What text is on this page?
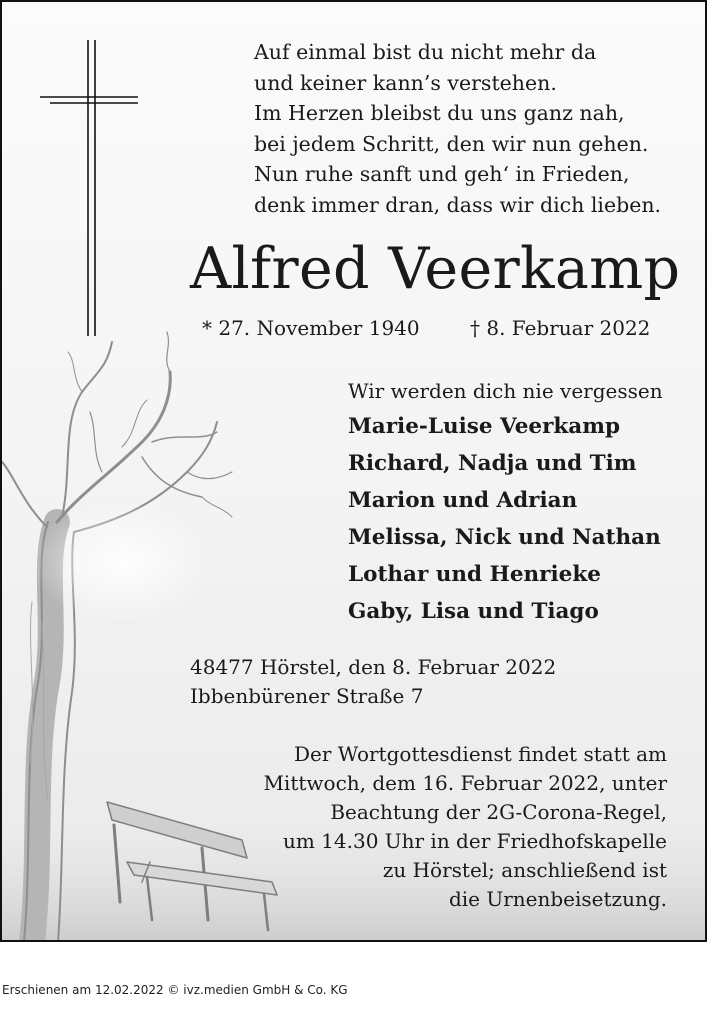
Auf einmal bist du nicht mehr da
und keiner kann’s verstehen.
Im Herzen bleibst du uns ganz nah,
bei jedem Schritt, den wir nun gehen.
Nun ruhe sanft und geh‘ in Frieden,
denk immer dran, dass wir dich lieben.
Alfred Veerkamp
* 27. November 1940	† 8. Februar 2022
Wir werden dich nie vergessen
Marie-Luise Veerkamp
Richard, Nadja und Tim
Marion und Adrian
Melissa, Nick und Nathan
Lothar und Henrieke
Gaby, Lisa und Tiago
48477 Hörstel, den 8. Februar 2022
Ibbenbürener Straße 7
Der Wortgottesdienst findet statt am
Mittwoch, dem 16. Februar 2022, unter
Beachtung der 2G-Corona-Regel,
um 14.30 Uhr in der Friedhofskapelle
zu Hörstel; anschließend ist
die Urnenbeisetzung.
Erschienen am 12.02.2022 © ivz.medien GmbH & Co. KG
